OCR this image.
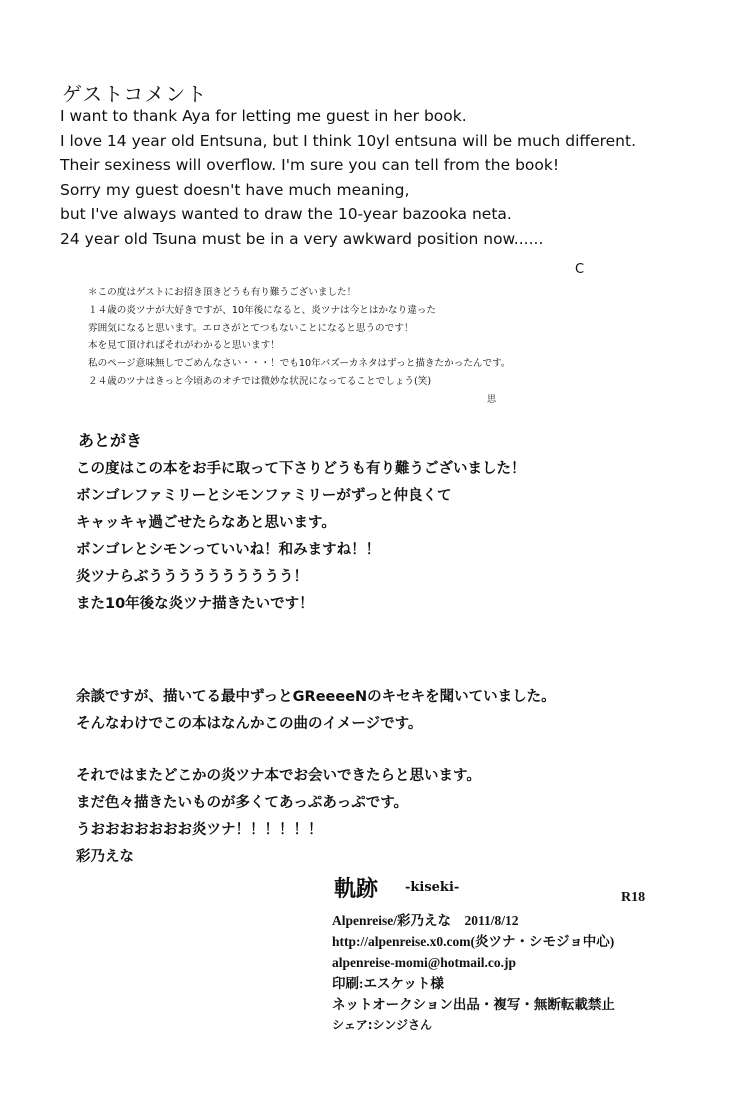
ゲストコメント
I want to thank Aya for letting me guest in her book.
I love 14 year old Entsuna, but I think 10yl entsuna will be much different.
Their sexiness will overflow. I'm sure you can tell from the book!
Sorry my guest doesn't have much meaning,
but I've always wanted to draw the 10-year bazooka neta.
24 year old Tsuna must be in a very awkward position now......
C
＊この度はゲストにお招き頂きどうも有り難うございました！
１４歳の炎ツナが大好きですが、10年後になると、炎ツナは今とはかなり違った
雰囲気になると思います。エロさがとてつもないことになると思うのです！
本を見て頂ければそれがわかると思います！
私のページ意味無しでごめんなさい・・・！でも10年バズーカネタはずっと描きたかったんです。
２４歳のツナはきっと今頃あのオチでは微妙な状況になってることでしょう(笑)
思
あとがき
この度はこの本をお手に取って下さりどうも有り難うございました！
ボンゴレファミリーとシモンファミリーがずっと仲良くて
キャッキャ過ごせたらなあと思います。
ボンゴレとシモンっていいね！和みますね！！
炎ツナらぶうううううううううう！
また10年後な炎ツナ描きたいです！
余談ですが、描いてる最中ずっとGReeeeNのキセキを聞いていました。
そんなわけでこの本はなんかこの曲のイメージです。
それではまたどこかの炎ツナ本でお会いできたらと思います。
まだ色々描きたいものが多くてあっぷあっぷです。
うおおおおおおお炎ツナ！！！！！！
彩乃えな
軌跡 -kiseki-
R18
Alpenreise/彩乃えな　2011/8/12
http://alpenreise.x0.com(炎ツナ・シモジョ中心)
alpenreise-momi@hotmail.co.jp
印刷:エスケット様
ネットオークション出品・複写・無断転載禁止
シェア:シンジさん
